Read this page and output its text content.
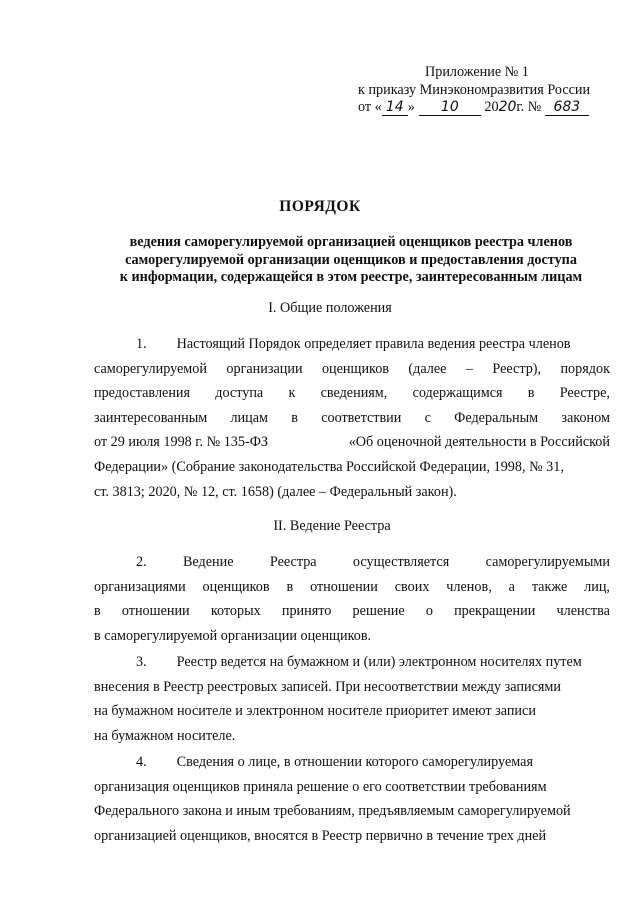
Приложение № 1
к приказу Минэкономразвития России
от « 14 » 10 2020г. № 683
ПОРЯДОК
ведения саморегулируемой организацией оценщиков реестра членов
саморегулируемой организации оценщиков и предоставления доступа
к информации, содержащейся в этом реестре, заинтересованным лицам
I. Общие положения
1. Настоящий Порядок определяет правила ведения реестра членов
саморегулируемой организации оценщиков (далее – Реестр), порядок
предоставления доступа к сведениям, содержащимся в Реестре,
заинтересованным лицам в соответствии с Федеральным законом
от 29 июля 1998 г. № 135-ФЗ	«Об оценочной деятельности в Российской
Федерации» (Собрание законодательства Российской Федерации, 1998, № 31,
ст. 3813; 2020, № 12, ст. 1658) (далее – Федеральный закон).
II. Ведение Реестра
2.	Ведение	Реестра	осуществляется	саморегулируемыми
организациями оценщиков в отношении своих членов, а также лиц,
в отношении которых принято решение о прекращении членства
в саморегулируемой организации оценщиков.
3. Реестр ведется на бумажном и (или) электронном носителях путем
внесения в Реестр реестровых записей. При несоответствии между записями
на бумажном носителе и электронном носителе приоритет имеют записи
на бумажном носителе.
4. Сведения о лице, в отношении которого саморегулируемая
организация оценщиков приняла решение о его соответствии требованиям
Федерального закона и иным требованиям, предъявляемым саморегулируемой
организацией оценщиков, вносятся в Реестр первично в течение трех дней
